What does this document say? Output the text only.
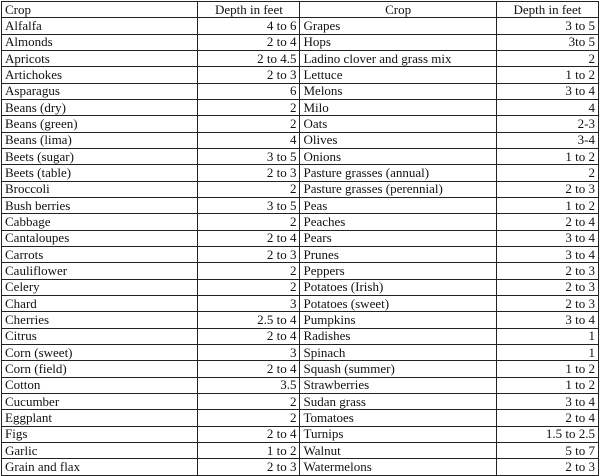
Crop	Depth in feet	Crop	Depth in feet
Alfalfa	4 to 6	Grapes	3 to 5
Almonds	2 to 4	Hops	3to 5
Apricots	2 to 4.5	Ladino clover and grass mix	2
Artichokes	2 to 3	Lettuce	1 to 2
Asparagus	6	Melons	3 to 4
Beans (dry)	2	Milo	4
Beans (green)	2	Oats	2-3
Beans (lima)	4	Olives	3-4
Beets (sugar)	3 to 5	Onions	1 to 2
Beets (table)	2 to 3	Pasture grasses (annual)	2
Broccoli	2	Pasture grasses (perennial)	2 to 3
Bush berries	3 to 5	Peas	1 to 2
Cabbage	2	Peaches	2 to 4
Cantaloupes	2 to 4	Pears	3 to 4
Carrots	2 to 3	Prunes	3 to 4
Cauliflower	2	Peppers	2 to 3
Celery	2	Potatoes (Irish)	2 to 3
Chard	3	Potatoes (sweet)	2 to 3
Cherries	2.5 to 4	Pumpkins	3 to 4
Citrus	2 to 4	Radishes	1
Corn (sweet)	3	Spinach	1
Corn (field)	2 to 4	Squash (summer)	1 to 2
Cotton	3.5	Strawberries	1 to 2
Cucumber	2	Sudan grass	3 to 4
Eggplant	2	Tomatoes	2 to 4
Figs	2 to 4	Turnips	1.5 to 2.5
Garlic	1 to 2	Walnut	5 to 7
Grain and flax	2 to 3	Watermelons	2 to 3
